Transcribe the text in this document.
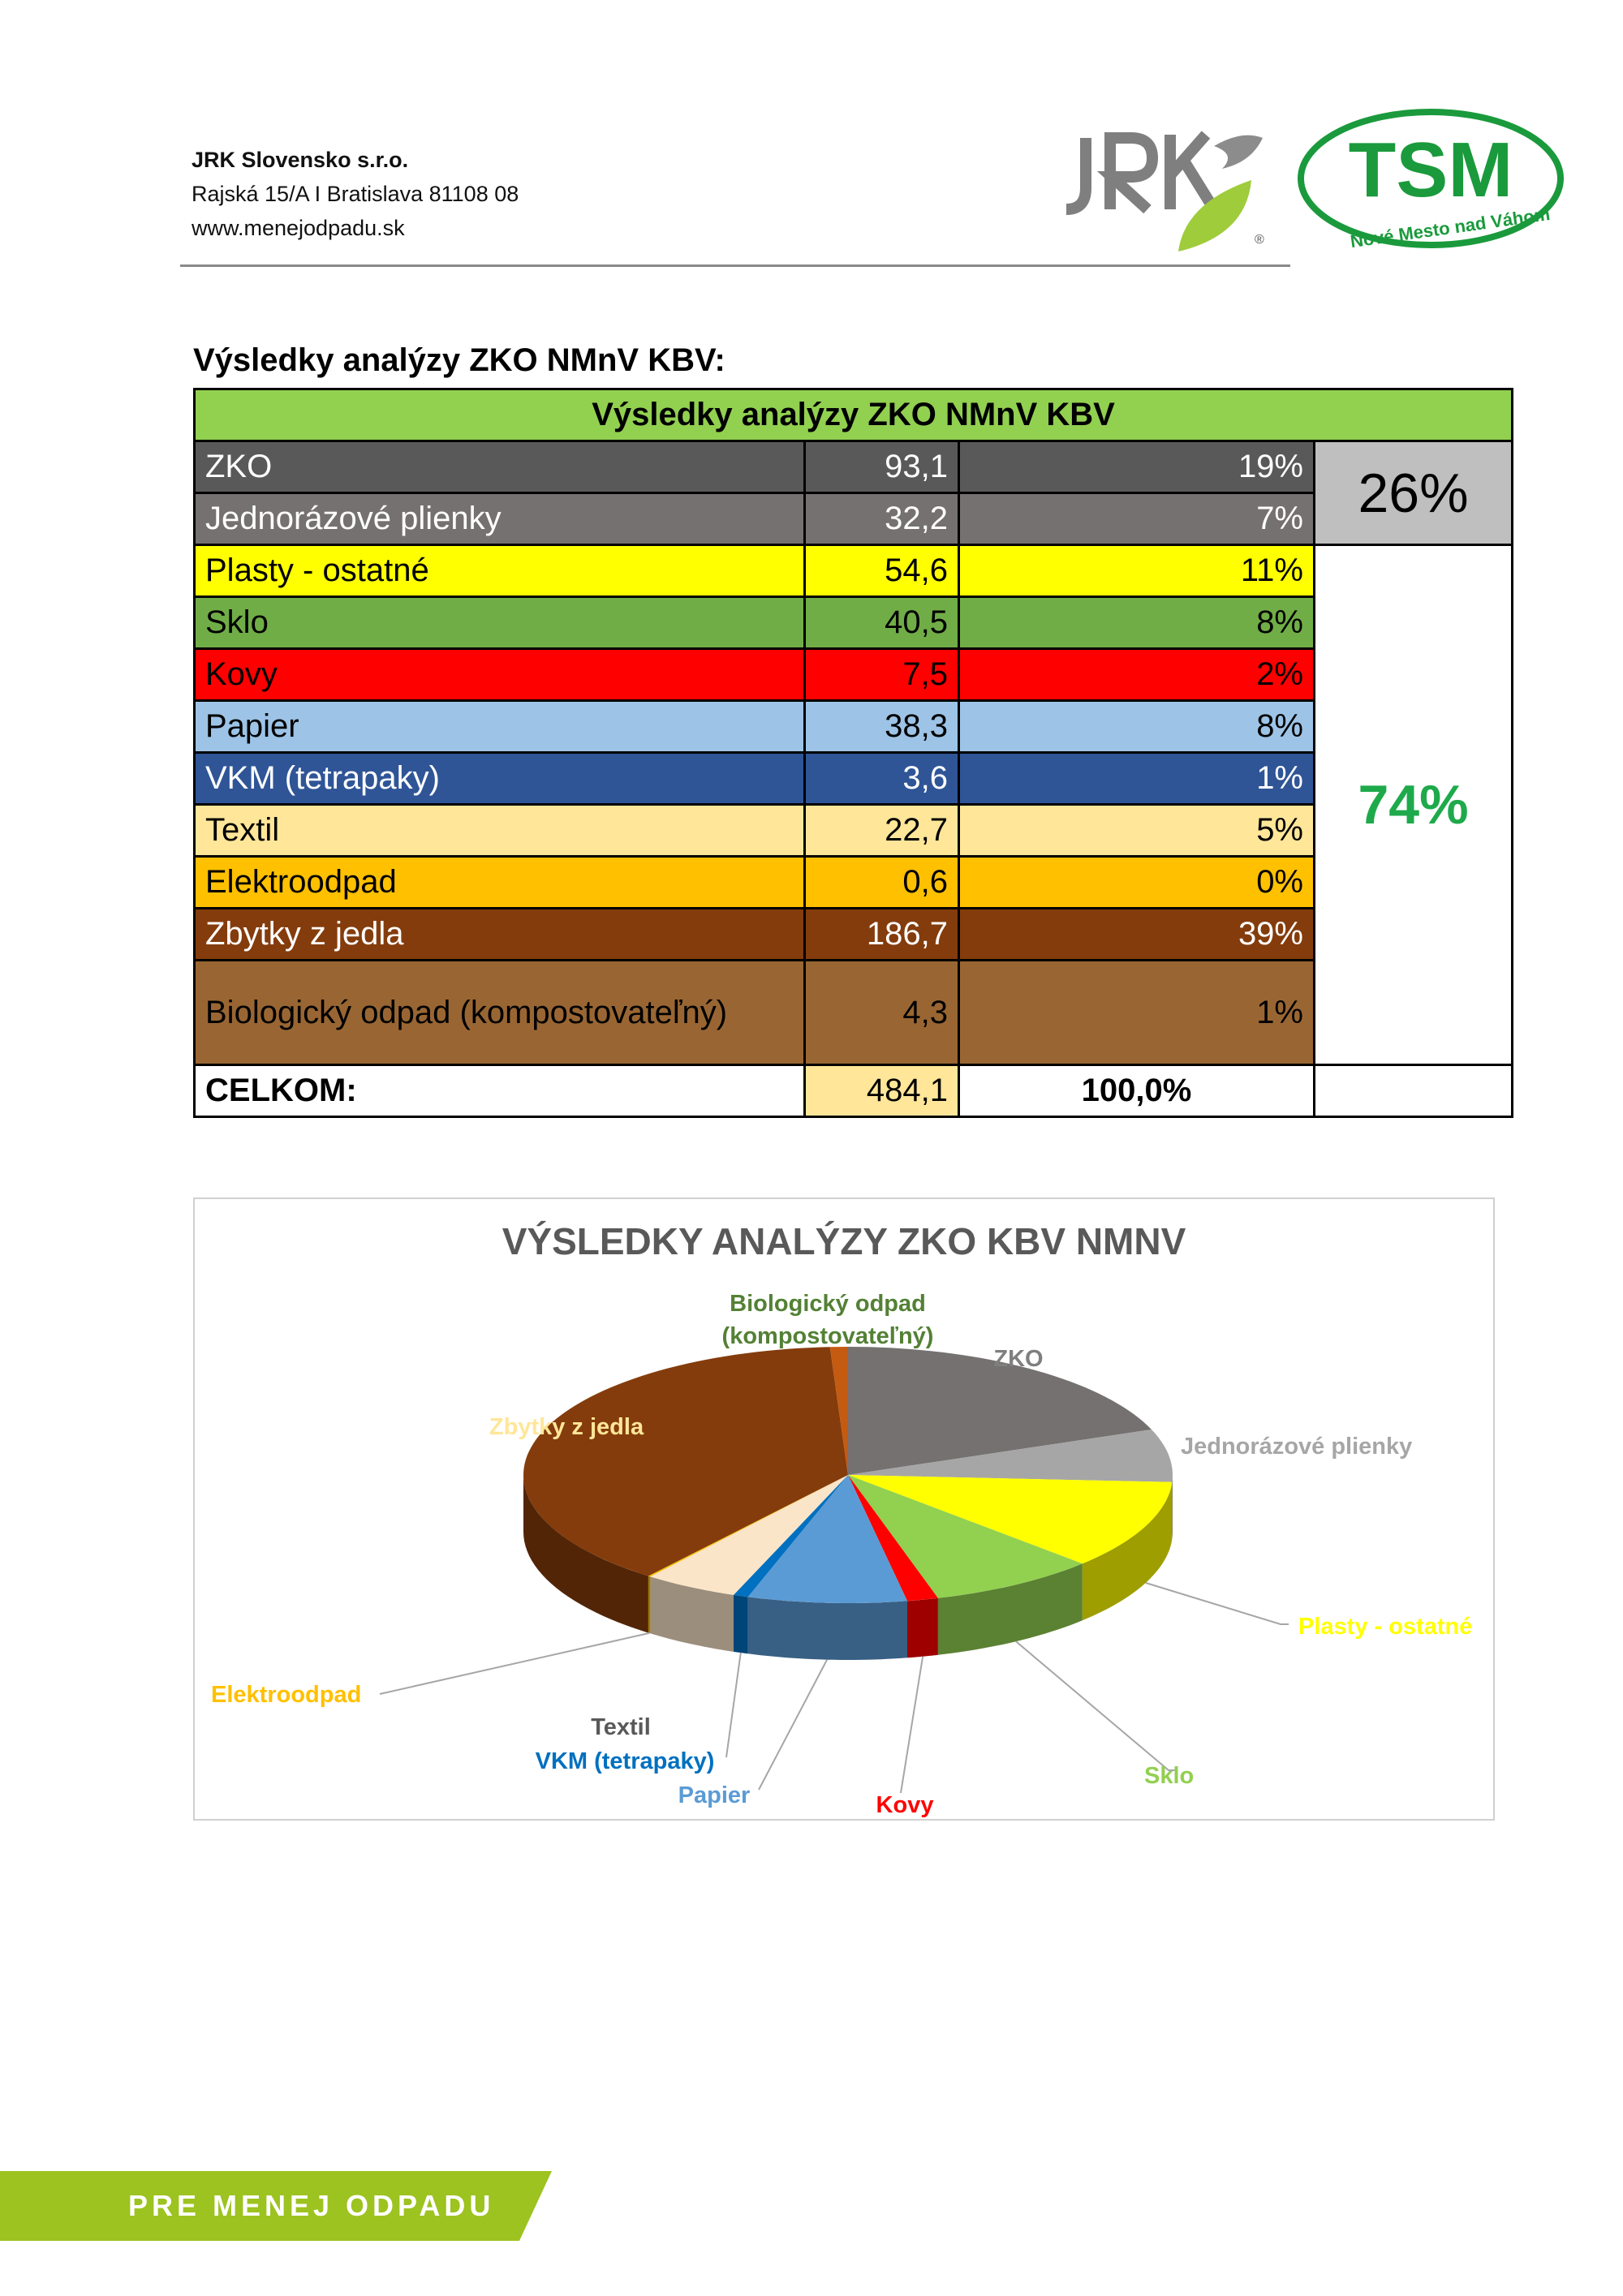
JRK Slovensko s.r.o.
Rajská 15/A I Bratislava 81108 08
www.menejodpadu.sk	®
TSM
Nové Mesto nad Váhom
Výsledky analýzy ZKO NMnV KBV:
Výsledky analýzy ZKO NMnV KBV			
ZKO	93,1	19%	26%
Jednorázové plienky	32,2	7%	
Plasty - ostatné	54,6	11%	74%
Sklo	40,5	8%	
Kovy	7,5	2%	
Papier	38,3	8%	
VKM (tetrapaky)	3,6	1%	
Textil	22,7	5%	
Elektroodpad	0,6	0%	
Zbytky z jedla	186,7	39%	
Biologický odpad (kompostovateľný)	4,3	1%	
CELKOM:	484,1	100,0%	
VÝSLEDKY ANALÝZY ZKO KBV NMNV
ZKO
Jednorázové plienky
Plasty - ostatné
Sklo
Kovy
Papier
VKM (tetrapaky)
Textil
Elektroodpad
Zbytky z jedla
Biologický odpad (kompostovateľný)
PRE MENEJ ODPADU
